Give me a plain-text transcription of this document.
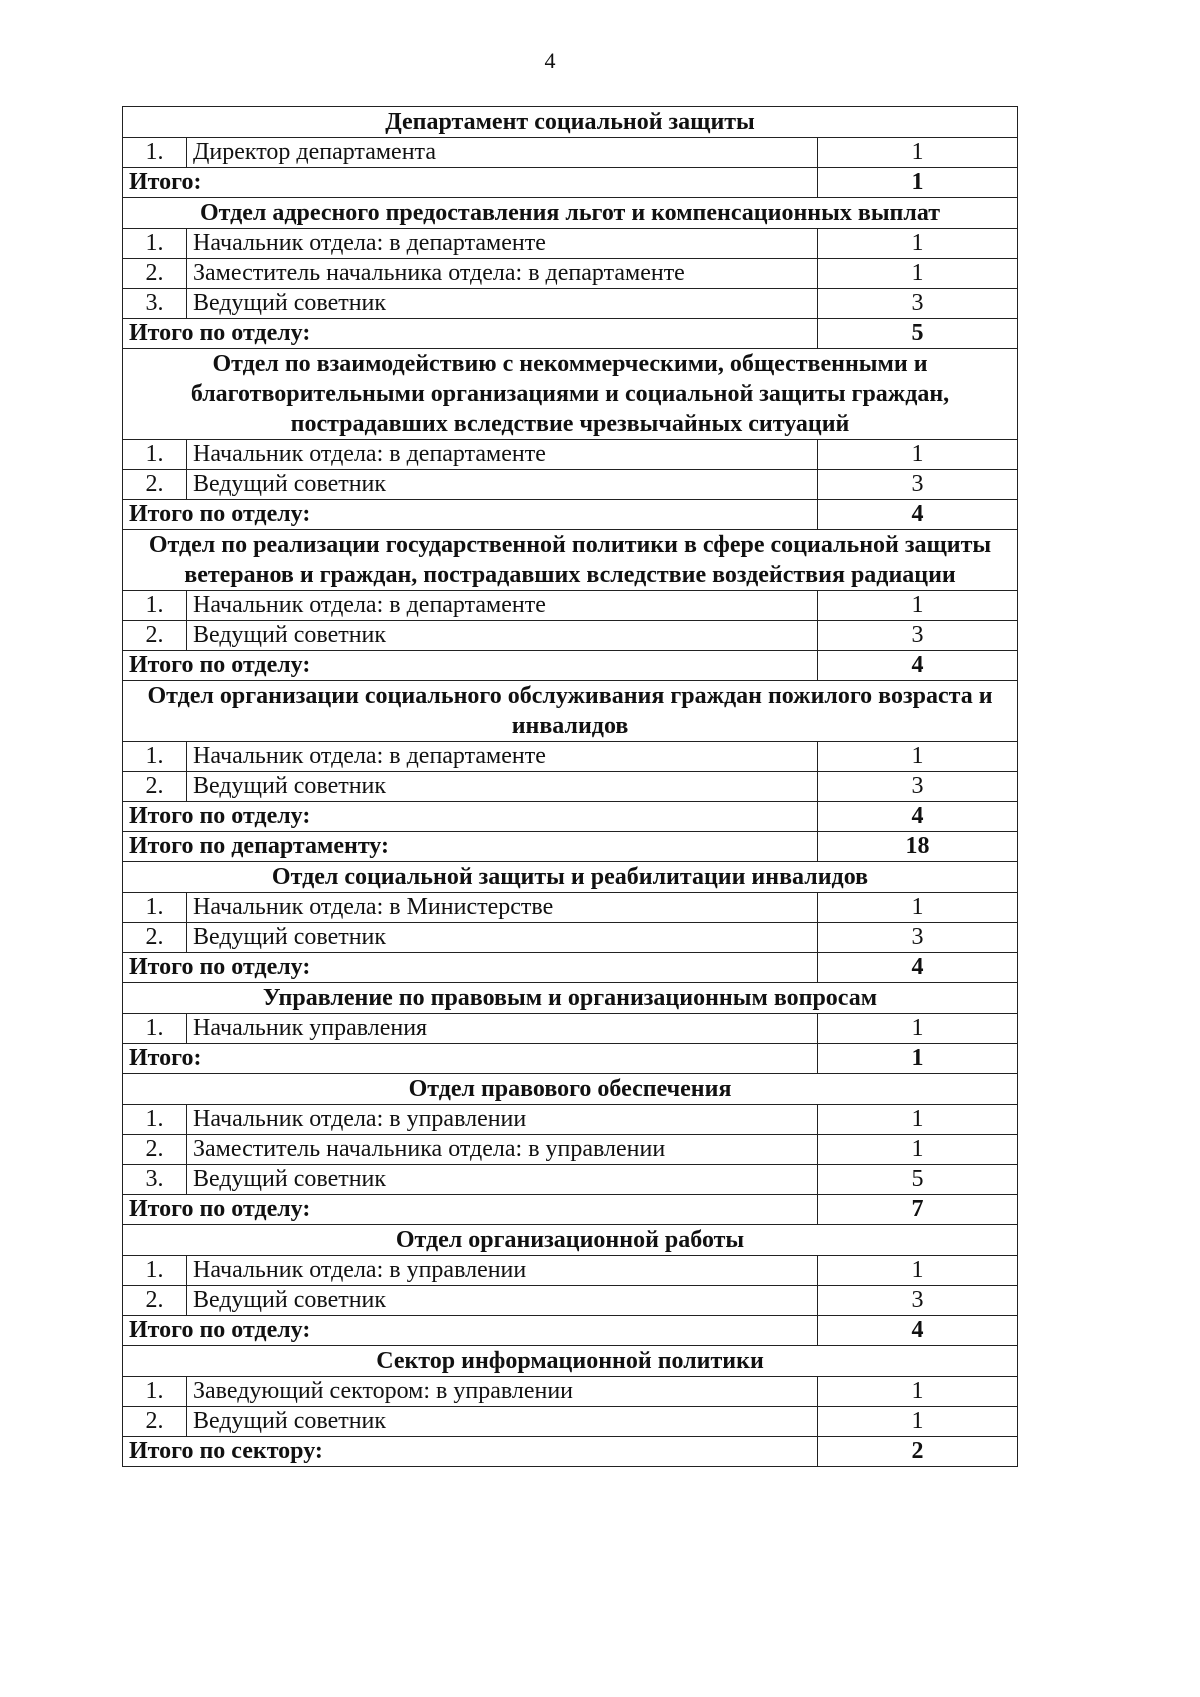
4
Департамент социальной защиты		
1.	Директор департамента	1
Итого:		1
Отдел адресного предоставления льгот и компенсационных выплат		
1.	Начальник отдела: в департаменте	1
2.	Заместитель начальника отдела: в департаменте	1
3.	Ведущий советник	3
Итого по отделу:		5
Отдел по взаимодействию с некоммерческими, общественными и благотворительными организациями и социальной защиты граждан, пострадавших вследствие чрезвычайных ситуаций		
1.	Начальник отдела: в департаменте	1
2.	Ведущий советник	3
Итого по отделу:		4
Отдел по реализации государственной политики в сфере социальной защиты ветеранов и граждан, пострадавших вследствие воздействия радиации		
1.	Начальник отдела: в департаменте	1
2.	Ведущий советник	3
Итого по отделу:		4
Отдел организации социального обслуживания граждан пожилого возраста и инвалидов		
1.	Начальник отдела: в департаменте	1
2.	Ведущий советник	3
Итого по отделу:		4
Итого по департаменту:		18
Отдел социальной защиты и реабилитации инвалидов		
1.	Начальник отдела: в Министерстве	1
2.	Ведущий советник	3
Итого по отделу:		4
Управление по правовым и организационным вопросам		
1.	Начальник управления	1
Итого:		1
Отдел правового обеспечения		
1.	Начальник отдела: в управлении	1
2.	Заместитель начальника отдела: в управлении	1
3.	Ведущий советник	5
Итого по отделу:		7
Отдел организационной работы		
1.	Начальник отдела: в управлении	1
2.	Ведущий советник	3
Итого по отделу:		4
Сектор информационной политики		
1.	Заведующий сектором: в управлении	1
2.	Ведущий советник	1
Итого по сектору:		2
